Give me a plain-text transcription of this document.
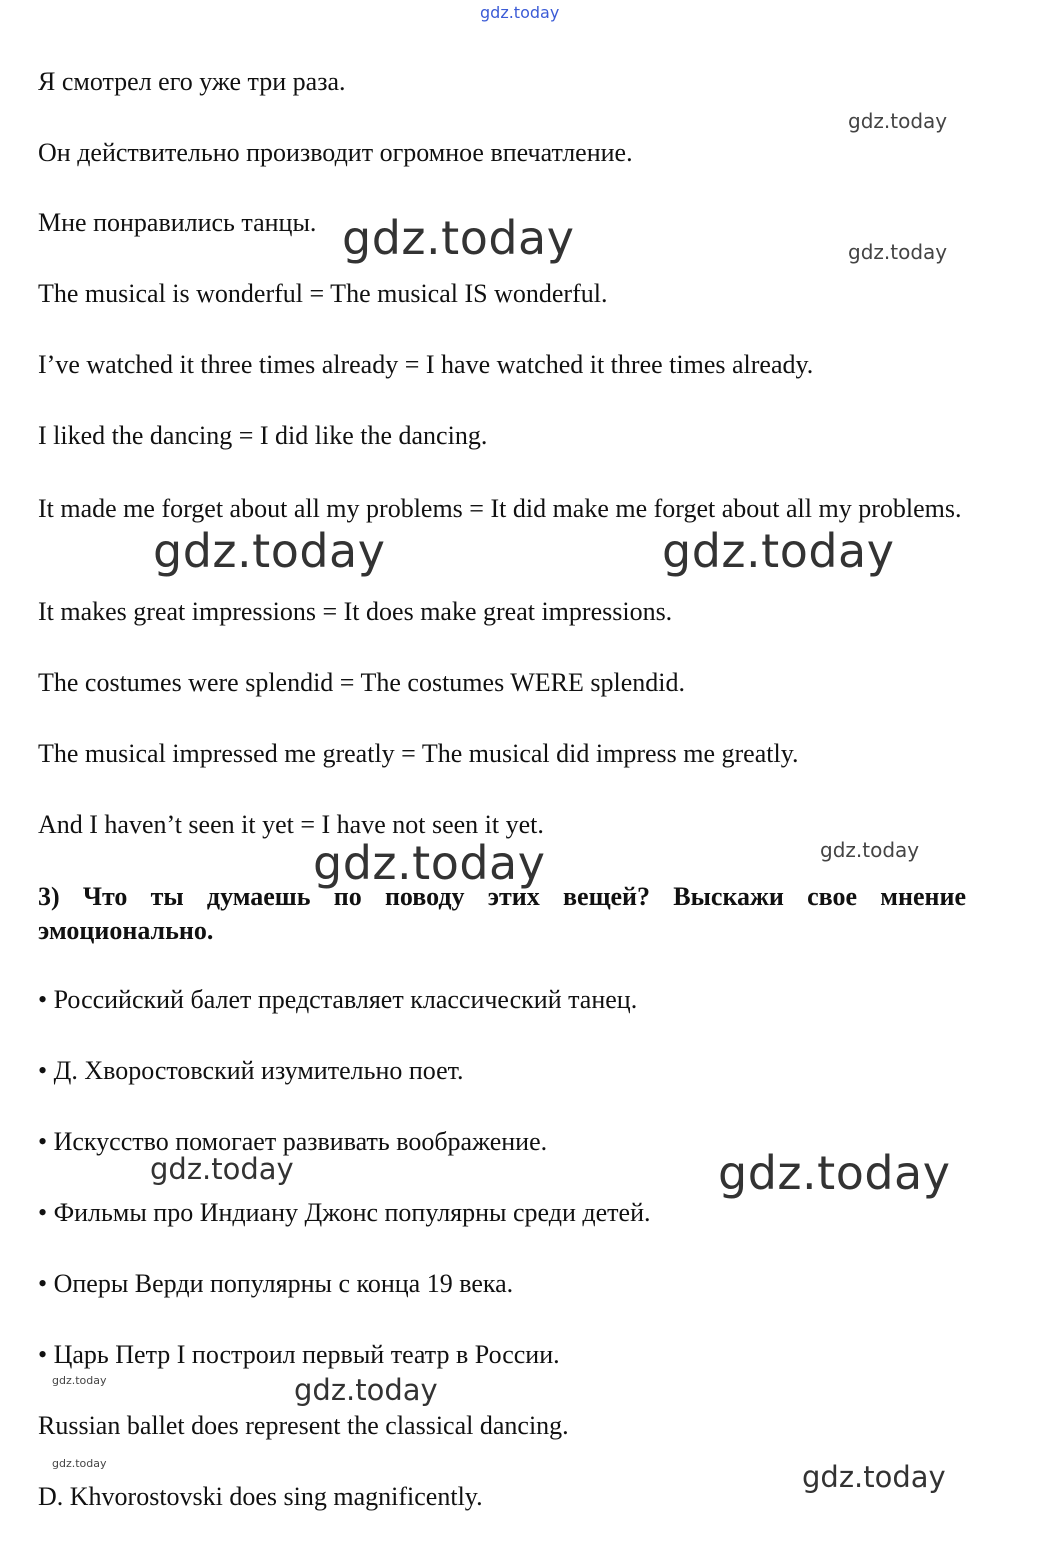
gdz.today

Я смотрел его уже три раза.

gdz.today

Он действительно производит огромное впечатление.

Мне понравились танцы. gdz.today	gdz.today

The musical is wonderful = The musical IS wonderful.

I’ve watched it three times already = I have watched it three times already.

I liked the dancing = I did like the dancing.

It made me forget about all my problems = It did make me forget about all my problems.

gdz.today	gdz.today

It makes great impressions = It does make great impressions.

The costumes were splendid = The costumes WERE splendid.

The musical impressed me greatly = The musical did impress me greatly.

And I haven’t seen it yet = I have not seen it yet.

gdz.today	gdz.today

3) Что ты думаешь по поводу этих вещей? Выскажи свое мнение эмоционально.

• Российский балет представляет классический танец.

• Д. Хворостовский изумительно поет.

• Искусство помогает развивать воображение.

gdz.today	gdz.today

• Фильмы про Индиану Джонс популярны среди детей.

• Оперы Верди популярны с конца 19 века.

• Царь Петр I построил первый театр в России.

gdz.today	gdz.today

Russian ballet does represent the classical dancing.

gdz.today	gdz.today

D. Khvorostovski does sing magnificently.
